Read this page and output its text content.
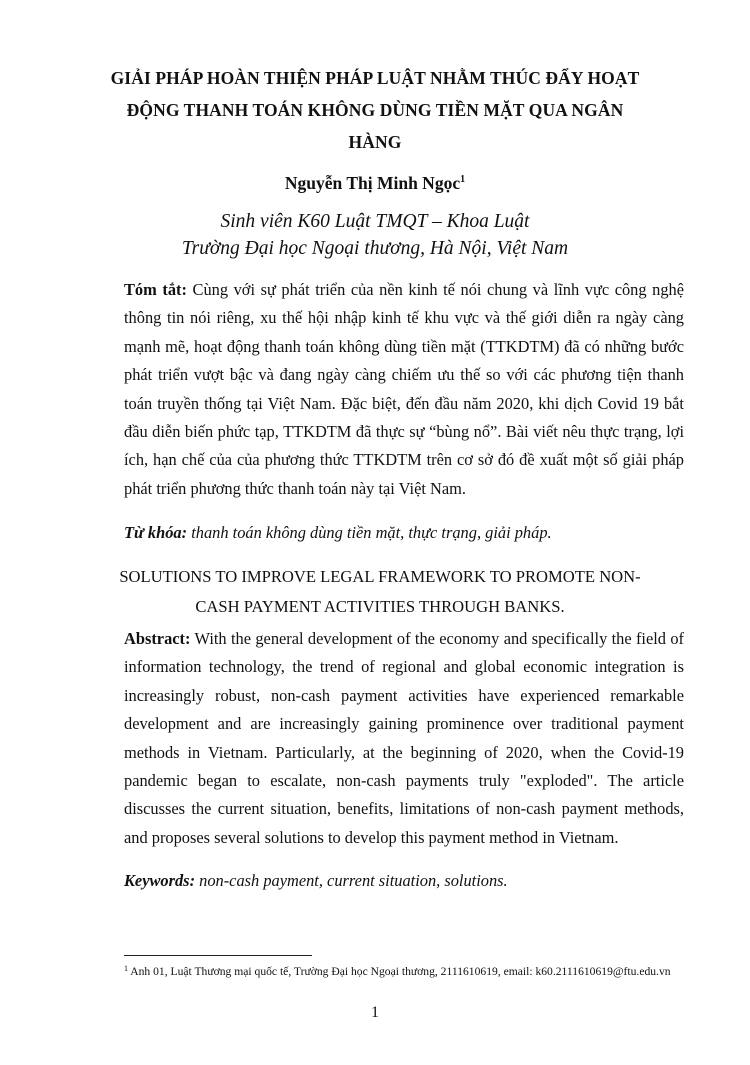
GIẢI PHÁP HOÀN THIỆN PHÁP LUẬT NHẰM THÚC ĐẨY HOẠT ĐỘNG THANH TOÁN KHÔNG DÙNG TIỀN MẶT QUA NGÂN HÀNG
Nguyễn Thị Minh Ngọc$^1$
Sinh viên K60 Luật TMQT – Khoa Luật
Trường Đại học Ngoại thương, Hà Nội, Việt Nam
Tóm tắt: Cùng với sự phát triển của nền kinh tế nói chung và lĩnh vực công nghệ thông tin nói riêng, xu thế hội nhập kinh tế khu vực và thế giới diễn ra ngày càng mạnh mẽ, hoạt động thanh toán không dùng tiền mặt (TTKDTM) đã có những bước phát triển vượt bậc và đang ngày càng chiếm ưu thế so với các phương tiện thanh toán truyền thống tại Việt Nam. Đặc biệt, đến đầu năm 2020, khi dịch Covid 19 bắt đầu diễn biến phức tạp, TTKDTM đã thực sự “bùng nổ”. Bài viết nêu thực trạng, lợi ích, hạn chế của của phương thức TTKDTM trên cơ sở đó đề xuất một số giải pháp phát triển phương thức thanh toán này tại Việt Nam.
Từ khóa: thanh toán không dùng tiền mặt, thực trạng, giải pháp.
SOLUTIONS TO IMPROVE LEGAL FRAMEWORK TO PROMOTE NON-
CASH PAYMENT ACTIVITIES THROUGH BANKS.
Abstract: With the general development of the economy and specifically the field of information technology, the trend of regional and global economic integration is increasingly robust, non-cash payment activities have experienced remarkable development and are increasingly gaining prominence over traditional payment methods in Vietnam. Particularly, at the beginning of 2020, when the Covid-19 pandemic began to escalate, non-cash payments truly "exploded". The article discusses the current situation, benefits, limitations of non-cash payment methods, and proposes several solutions to develop this payment method in Vietnam.
Keywords: non-cash payment, current situation, solutions.
$^1$ Anh 01, Luật Thương mại quốc tế, Trường Đại học Ngoại thương, 2111610619, email: k60.2111610619@ftu.edu.vn
1
